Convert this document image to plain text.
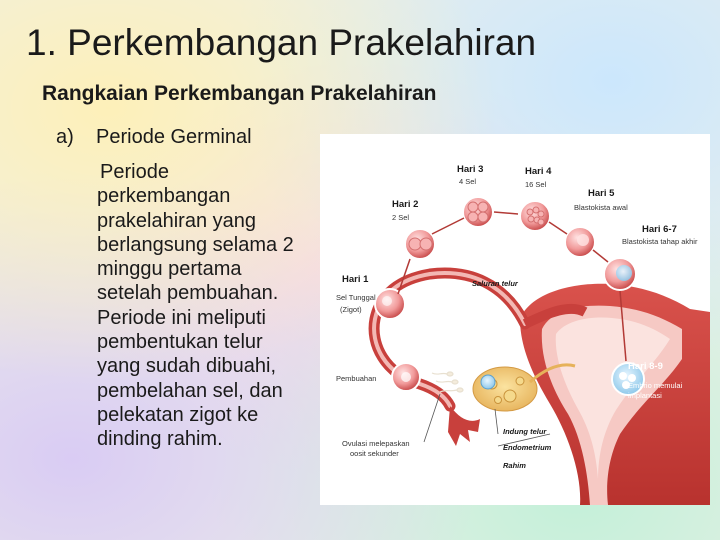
1. Perkembangan Prakelahiran
Rangkaian Perkembangan Prakelahiran
a) Periode Germinal
Periode perkembangan prakelahiran yang berlangsung selama 2 minggu pertama setelah pembuahan. Periode ini meliputi pembentukan telur yang sudah dibuahi, pembelahan sel, dan pelekatan zigot ke dinding rahim.
Hari 3
4 Sel
Hari 4
16 Sel
Hari 2
2 Sel
Hari 5
Blastokista awal
Hari 6-7
Blastokista tahap akhir
Hari 1
Sel Tunggal
(Zigot)
Saluran telur
Pembuahan
Hari 8-9
Embrio memulai
implantasi
Indung telur
Ovulasi melepaskan
oosit sekunder
Endometrium
Rahim
